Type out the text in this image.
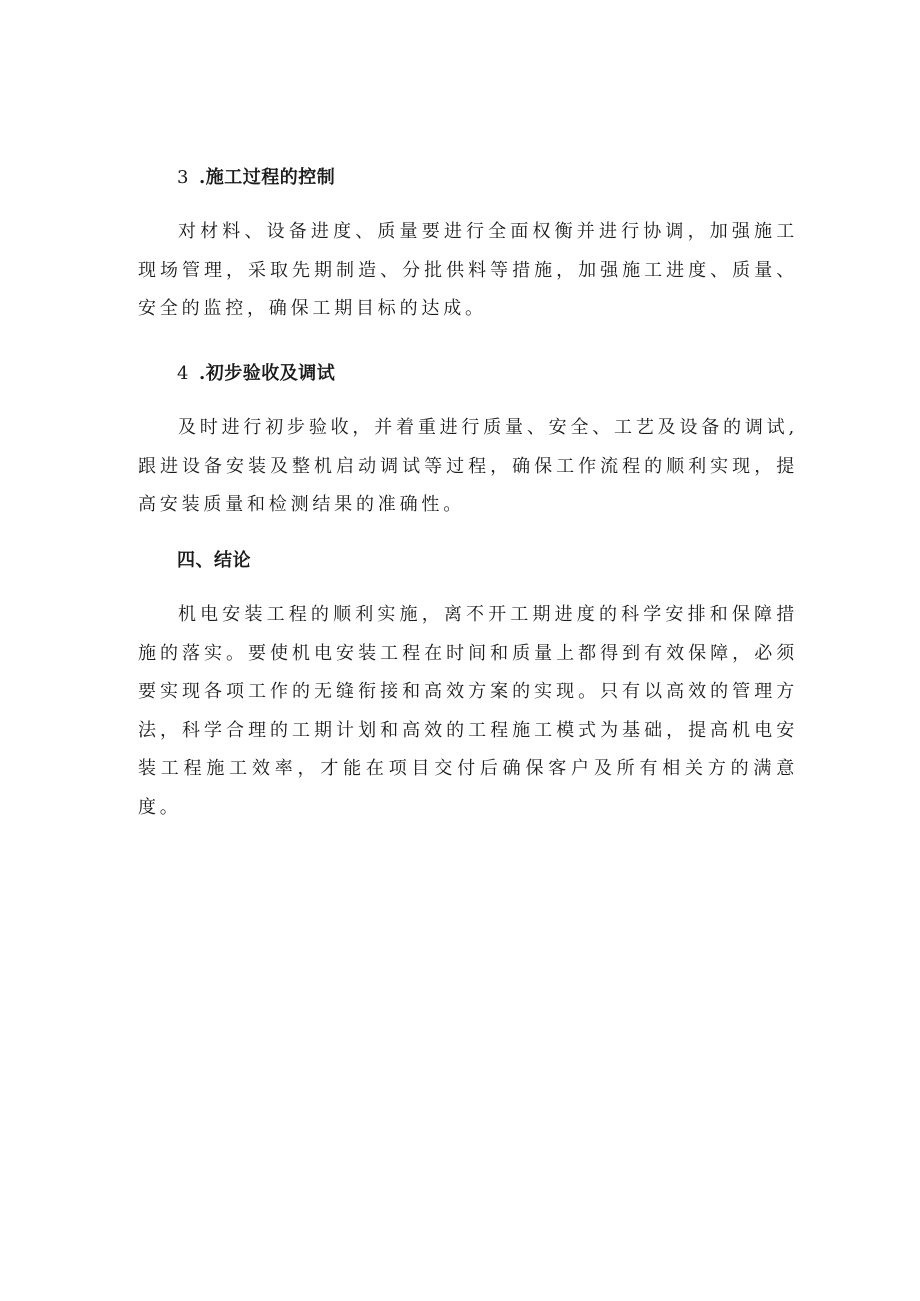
3 .施工过程的控制

对材料、设备进度、质量要进行全面权衡并进行协调，加强施工现场管理，采取先期制造、分批供料等措施，加强施工进度、质量、安全的监控，确保工期目标的达成。

4 .初步验收及调试

及时进行初步验收，并着重进行质量、安全、工艺及设备的调试,跟进设备安装及整机启动调试等过程，确保工作流程的顺利实现，提高安装质量和检测结果的准确性。

四、结论

机电安装工程的顺利实施，离不开工期进度的科学安排和保障措施的落实。要使机电安装工程在时间和质量上都得到有效保障，必须要实现各项工作的无缝衔接和高效方案的实现。只有以高效的管理方法，科学合理的工期计划和高效的工程施工模式为基础，提高机电安装工程施工效率，才能在项目交付后确保客户及所有相关方的满意度。
